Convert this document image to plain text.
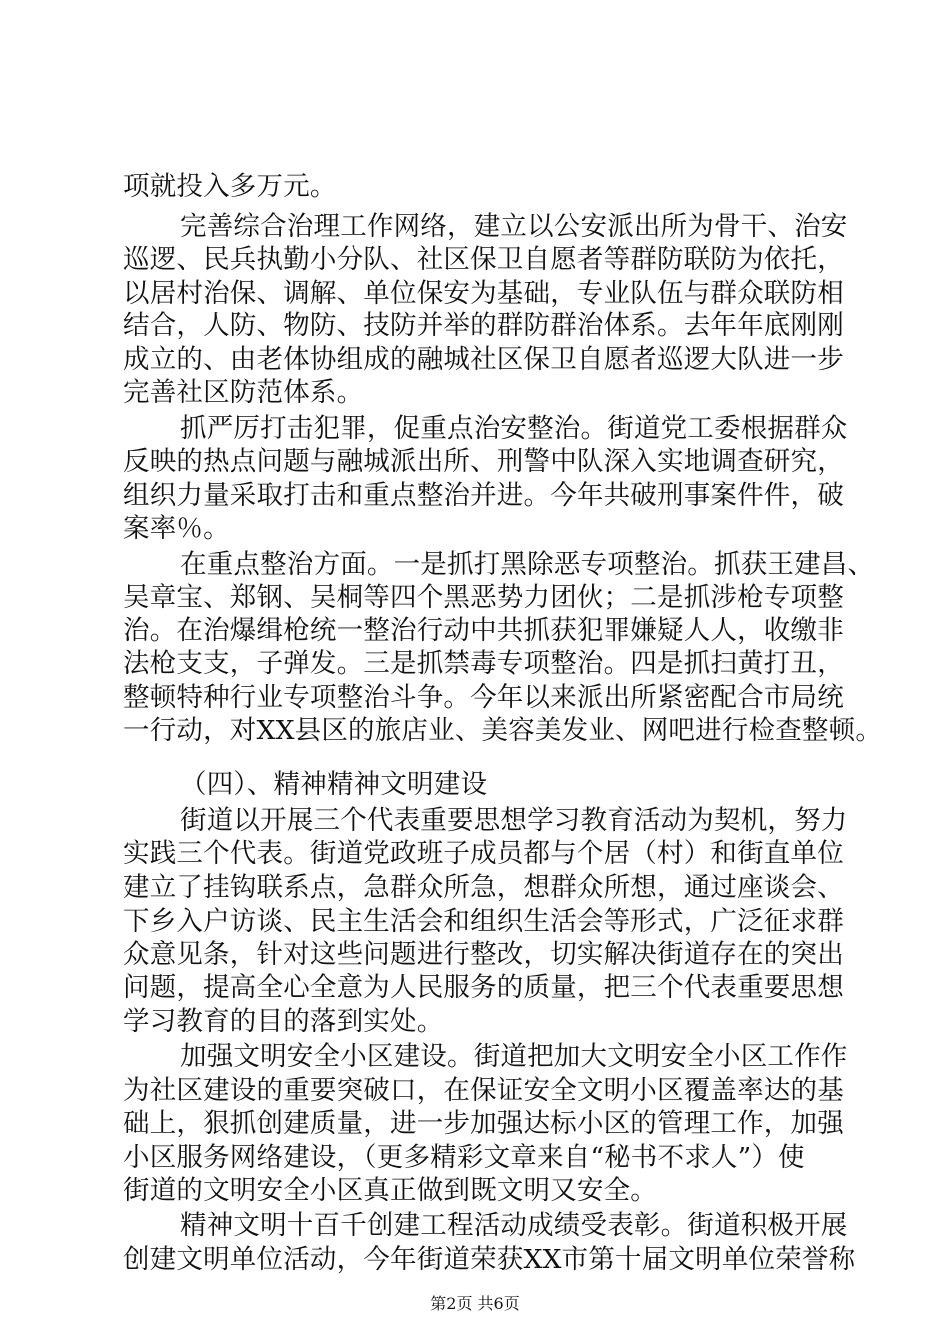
项就投入多万元。
完善综合治理工作网络，建立以公安派出所为骨干、治安
巡逻、民兵执勤小分队、社区保卫自愿者等群防联防为依托，
以居村治保、调解、单位保安为基础，专业队伍与群众联防相
结合，人防、物防、技防并举的群防群治体系。去年年底刚刚
成立的、由老体协组成的融城社区保卫自愿者巡逻大队进一步
完善社区防范体系。
抓严厉打击犯罪，促重点治安整治。街道党工委根据群众
反映的热点问题与融城派出所、刑警中队深入实地调查研究，
组织力量采取打击和重点整治并进。今年共破刑事案件件，破
案率％。
在重点整治方面。一是抓打黑除恶专项整治。抓获王建昌、
吴章宝、郑钢、吴桐等四个黑恶势力团伙；二是抓涉枪专项整
治。在治爆缉枪统一整治行动中共抓获犯罪嫌疑人人，收缴非
法枪支支，子弹发。三是抓禁毒专项整治。四是抓扫黄打丑，
整顿特种行业专项整治斗争。今年以来派出所紧密配合市局统
一行动，对XX县区的旅店业、美容美发业、网吧进行检查整顿。
（四）、精神精神文明建设
街道以开展三个代表重要思想学习教育活动为契机，努力
实践三个代表。街道党政班子成员都与个居（村）和街直单位
建立了挂钩联系点，急群众所急，想群众所想，通过座谈会、
下乡入户访谈、民主生活会和组织生活会等形式，广泛征求群
众意见条，针对这些问题进行整改，切实解决街道存在的突出
问题，提高全心全意为人民服务的质量，把三个代表重要思想
学习教育的目的落到实处。
加强文明安全小区建设。街道把加大文明安全小区工作作
为社区建设的重要突破口，在保证安全文明小区覆盖率达的基
础上，狠抓创建质量，进一步加强达标小区的管理工作，加强
小区服务网络建设，（更多精彩文章来自“秘书不求人”）使
街道的文明安全小区真正做到既文明又安全。
精神文明十百千创建工程活动成绩受表彰。街道积极开展
创建文明单位活动，今年街道荣获XX市第十届文明单位荣誉称
第2页 共6页
